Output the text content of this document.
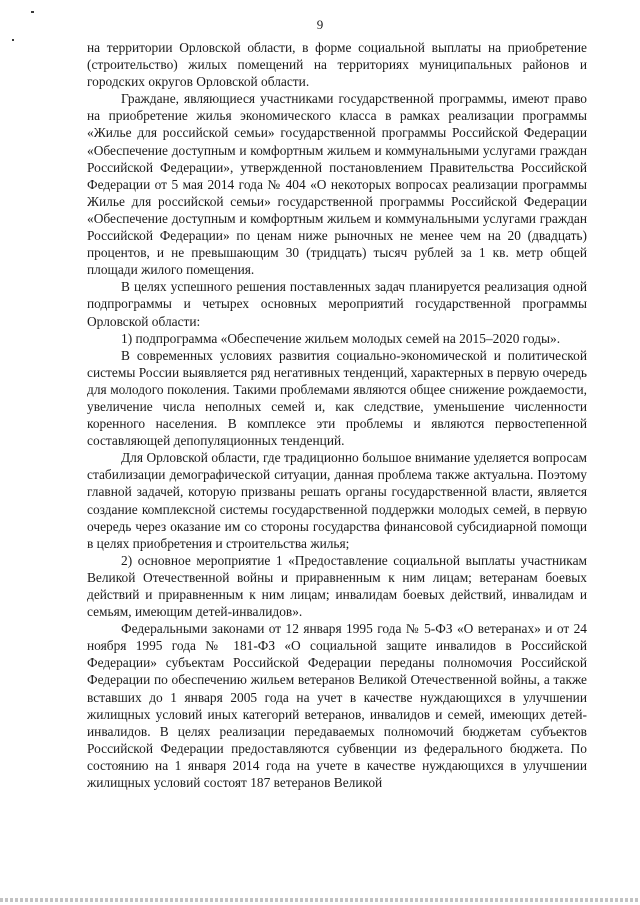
9

на территории Орловской области, в форме социальной выплаты на приобретение (строительство) жилых помещений на территориях муниципальных районов и городских округов Орловской области.

Граждане, являющиеся участниками государственной программы, имеют право на приобретение жилья экономического класса в рамках реализации программы «Жилье для российской семьи» государственной программы Российской Федерации «Обеспечение доступным и комфортным жильем и коммунальными услугами граждан Российской Федерации», утвержденной постановлением Правительства Российской Федерации от 5 мая 2014 года № 404 «О некоторых вопросах реализации программы Жилье для российской семьи» государственной программы Российской Федерации «Обеспечение доступным и комфортным жильем и коммунальными услугами граждан Российской Федерации» по ценам ниже рыночных не менее чем на 20 (двадцать) процентов, и не превышающим 30 (тридцать) тысяч рублей за 1 кв. метр общей площади жилого помещения.

В целях успешного решения поставленных задач планируется реализация одной подпрограммы и четырех основных мероприятий государственной программы Орловской области:

1) подпрограмма «Обеспечение жильем молодых семей на 2015–2020 годы».

В современных условиях развития социально-экономической и политической системы России выявляется ряд негативных тенденций, характерных в первую очередь для молодого поколения. Такими проблемами являются общее снижение рождаемости, увеличение числа неполных семей и, как следствие, уменьшение численности коренного населения. В комплексе эти проблемы и являются первостепенной составляющей депопуляционных тенденций.

Для Орловской области, где традиционно большое внимание уделяется вопросам стабилизации демографической ситуации, данная проблема также актуальна. Поэтому главной задачей, которую призваны решать органы государственной власти, является создание комплексной системы государственной поддержки молодых семей, в первую очередь через оказание им со стороны государства финансовой субсидиарной помощи в целях приобретения и строительства жилья;

2) основное мероприятие 1 «Предоставление социальной выплаты участникам Великой Отечественной войны и приравненным к ним лицам; ветеранам боевых действий и приравненным к ним лицам; инвалидам боевых действий, инвалидам и семьям, имеющим детей-инвалидов».

Федеральными законами от 12 января 1995 года № 5-ФЗ «О ветеранах» и от 24 ноября 1995 года № 181-ФЗ «О социальной защите инвалидов в Российской Федерации» субъектам Российской Федерации переданы полномочия Российской Федерации по обеспечению жильем ветеранов Великой Отечественной войны, а также вставших до 1 января 2005 года на учет в качестве нуждающихся в улучшении жилищных условий иных категорий ветеранов, инвалидов и семей, имеющих детей-инвалидов. В целях реализации передаваемых полномочий бюджетам субъектов Российской Федерации предоставляются субвенции из федерального бюджета. По состоянию на 1 января 2014 года на учете в качестве нуждающихся в улучшении жилищных условий состоят 187 ветеранов Великой
